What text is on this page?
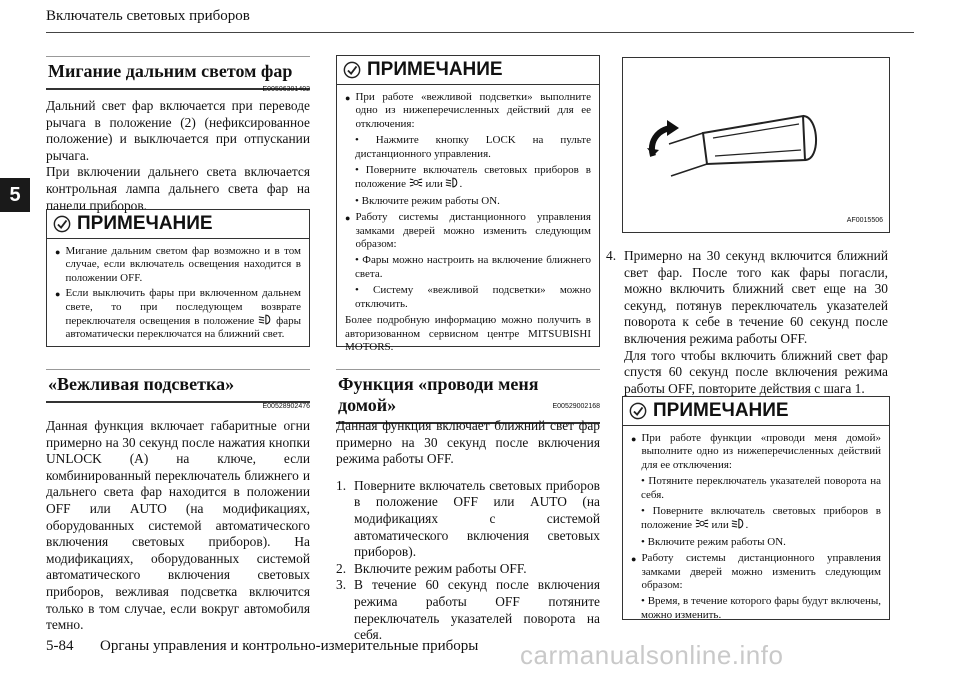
Включатель световых приборов
5
Мигание дальним светом фар
E00506301402

Дальний свет фар включается при переводе рычага в положение (2) (нефиксированное положение) и выключается при отпускании рычага.

При включении дальнего света включается контрольная лампа дальнего света фар на панели приборов.

ПРИМЕЧАНИЕ
● Мигание дальним светом фар возможно и в том случае, если включатель освещения находится в положении OFF.
● Если выключить фары при включенном дальнем свете, то при последующем возврате переключателя освещения в положение фары автоматически переключатся на ближний свет.
«Вежливая подсветка»
E00528902476
Данная функция включает габаритные огни примерно на 30 секунд после нажатия кнопки UNLOCK (A) на ключе, если комбинированный переключатель ближнего и дальнего света фар находится в положении OFF или AUTO (на модификациях, оборудованных системой автоматического включения световых приборов). На модификациях, оборудованных системой автоматического включения световых приборов, вежливая подсветка включится только в том случае, если вокруг автомобиля темно.
ПРИМЕЧАНИЕ
● При работе «вежливой подсветки» выполните одно из нижеперечисленных действий для ее отключения:
• Нажмите кнопку LOCK на пульте дистанционного управления.
• Поверните включатель световых приборов в положение или .
• Включите режим работы ON.
● Работу системы дистанционного управления замками дверей можно изменить следующим образом:
• Фары можно настроить на включение ближнего света.
• Систему «вежливой подсветки» можно отключить.
Более подробную информацию можно получить в авторизованном сервисном центре MITSUBISHI MOTORS.
Функция «проводи меня домой»	E00529002168

Данная функция включает ближний свет фар примерно на 30 секунд после включения режима работы OFF.

1. Поверните включатель световых приборов в положение OFF или AUTO (на модификациях с системой автоматического включения световых приборов).
2. Включите режим работы OFF.
3. В течение 60 секунд после включения режима работы OFF потяните переключатель указателей поворота на себя.
AF0015506
4. Примерно на 30 секунд включится ближний свет фар. После того как фары погасли, можно включить ближний свет еще на 30 секунд, потянув переключатель указателей поворота к себе в течение 60 секунд после включения режима работы OFF.
Для того чтобы включить ближний свет фар спустя 60 секунд после включения режима работы OFF, повторите действия с шага 1.
ПРИМЕЧАНИЕ
● При работе функции «проводи меня домой» выполните одно из нижеперечисленных действий для ее отключения:
• Потяните переключатель указателей поворота на себя.
• Поверните включатель световых приборов в положение или .
• Включите режим работы ON.
● Работу системы дистанционного управления замками дверей можно изменить следующим образом:
• Время, в течение которого фары будут включены, можно изменить.
5-84 Органы управления и контрольно-измерительные приборы carmanualsonline.info
